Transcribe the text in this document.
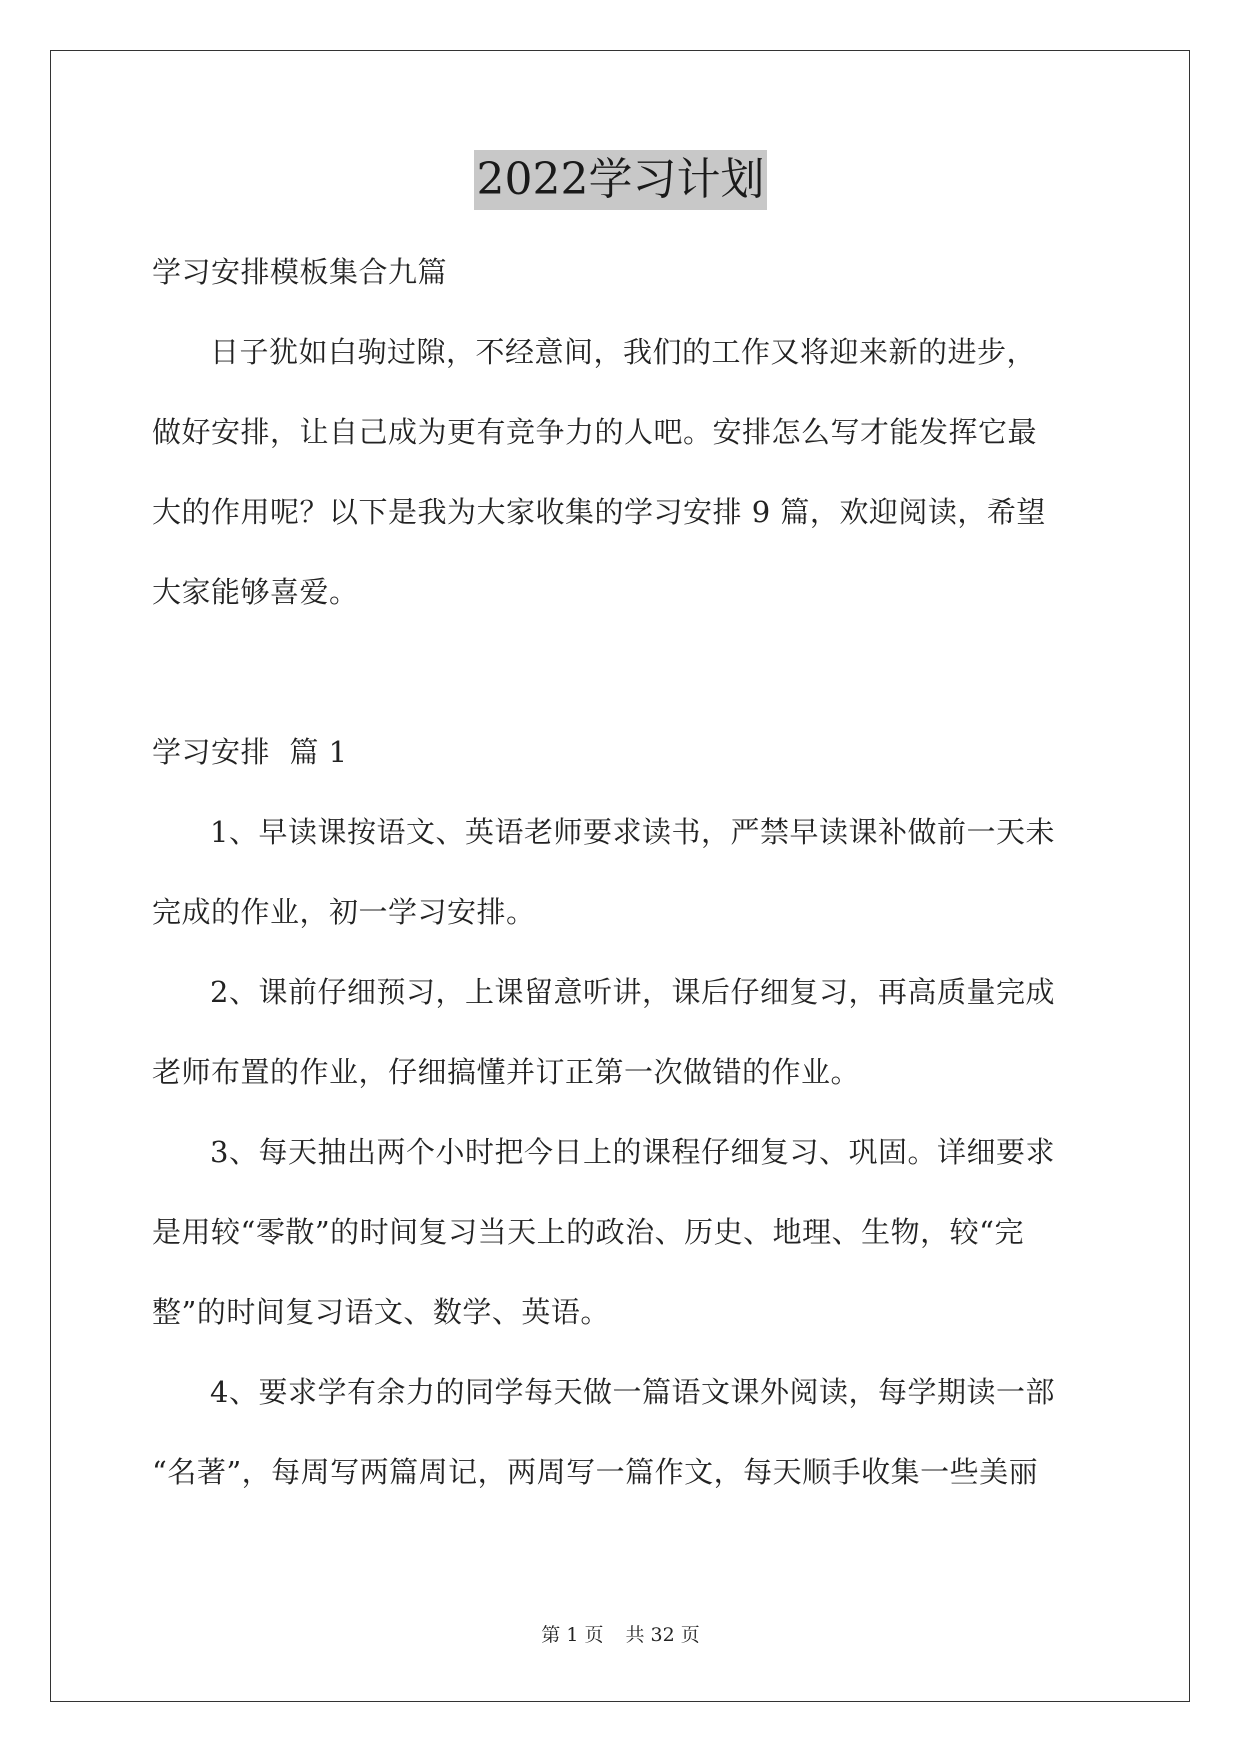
2022学习计划
学习安排模板集合九篇
日子犹如白驹过隙，不经意间，我们的工作又将迎来新的进步，
做好安排，让自己成为更有竞争力的人吧。安排怎么写才能发挥它最
大的作用呢？以下是我为大家收集的学习安排 9 篇，欢迎阅读，希望
大家能够喜爱。
学习安排  篇 1
1、早读课按语文、英语老师要求读书，严禁早读课补做前一天未
完成的作业，初一学习安排。
2、课前仔细预习，上课留意听讲，课后仔细复习，再高质量完成
老师布置的作业，仔细搞懂并订正第一次做错的作业。
3、每天抽出两个小时把今日上的课程仔细复习、巩固。详细要求
是用较“零散”的时间复习当天上的政治、历史、地理、生物，较“完
整”的时间复习语文、数学、英语。
4、要求学有余力的同学每天做一篇语文课外阅读，每学期读一部
“名著”，每周写两篇周记，两周写一篇作文，每天顺手收集一些美丽
第 1 页 共 32 页
